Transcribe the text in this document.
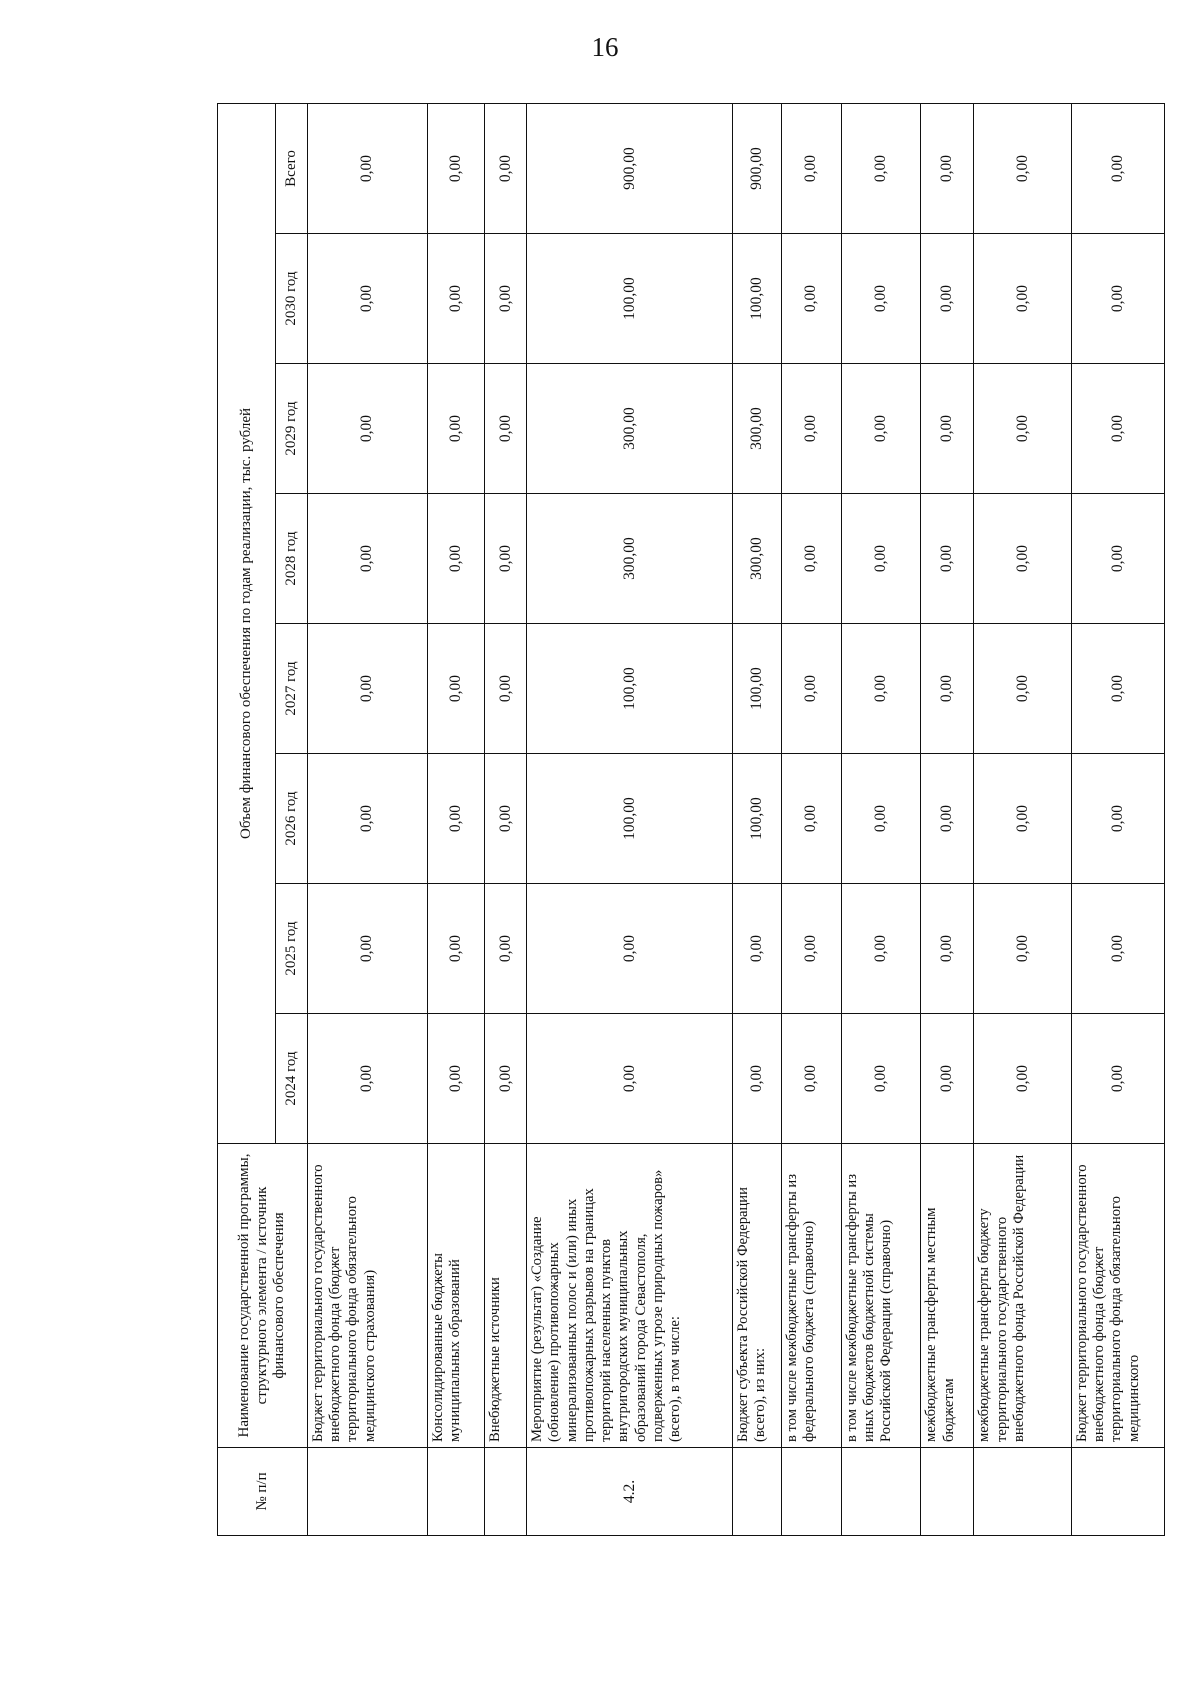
16
№ п/п	Наименование государственной программы, структурного элемента / источник финансового обеспечения	Объем финансового обеспечения по годам реализации, тыс. рублей							
		2024 год	2025 год	2026 год	2027 год	2028 год	2029 год	2030 год	Всего
	Бюджет территориального государственного внебюджетного фонда (бюджет территориального фонда обязательного медицинского страхования)	0,00	0,00	0,00	0,00	0,00	0,00	0,00	0,00
	Консолидированные бюджеты муниципальных образований	0,00	0,00	0,00	0,00	0,00	0,00	0,00	0,00
	Внебюджетные источники	0,00	0,00	0,00	0,00	0,00	0,00	0,00	0,00
4.2.	Мероприятие (результат) «Создание (обновление) противопожарных минерализованных полос и (или) иных противопожарных разрывов на границах территорий населенных пунктов внутригородских муниципальных образований города Севастополя, подверженных угрозе природных пожаров» (всего), в том числе:	0,00	0,00	100,00	100,00	300,00	300,00	100,00	900,00
	Бюджет субъекта Российской Федерации (всего), из них:	0,00	0,00	100,00	100,00	300,00	300,00	100,00	900,00
	в том числе межбюджетные трансферты из федерального бюджета (справочно)	0,00	0,00	0,00	0,00	0,00	0,00	0,00	0,00
	в том числе межбюджетные трансферты из иных бюджетов бюджетной системы Российской Федерации (справочно)	0,00	0,00	0,00	0,00	0,00	0,00	0,00	0,00
	межбюджетные трансферты местным бюджетам	0,00	0,00	0,00	0,00	0,00	0,00	0,00	0,00
	межбюджетные трансферты бюджету территориального государственного внебюджетного фонда Российской Федерации	0,00	0,00	0,00	0,00	0,00	0,00	0,00	0,00
	Бюджет территориального государственного внебюджетного фонда (бюджет территориального фонда обязательного медицинского	0,00	0,00	0,00	0,00	0,00	0,00	0,00	0,00
